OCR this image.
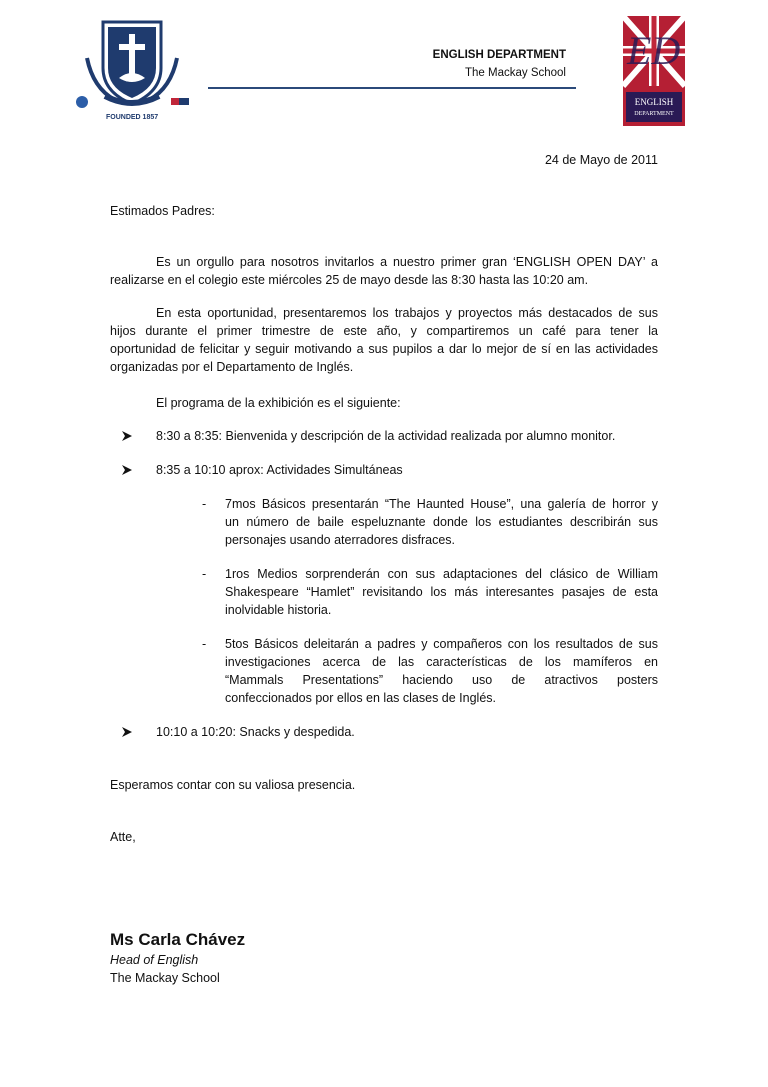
FOUNDED 1857
ENGLISH DEPARTMENT
The Mackay School ED
ENGLISH
DEPARTMENT
24 de Mayo de 2011
Estimados Padres:
Es un orgullo para nosotros invitarlos a nuestro primer gran ‘ENGLISH OPEN DAY’ a
realizarse en el colegio este miércoles 25 de mayo desde las 8:30 hasta las 10:20 am.
En esta oportunidad, presentaremos los trabajos y proyectos más destacados de sus
hijos durante el primer trimestre de este año, y compartiremos un café para tener la
oportunidad de felicitar y seguir motivando a sus pupilos a dar lo mejor de sí en las actividades
organizadas por el Departamento de Inglés.
El programa de la exhibición es el siguiente:
8:30 a 8:35: Bienvenida y descripción de la actividad realizada por alumno monitor.
8:35 a 10:10 aprox: Actividades Simultáneas
-	7mos Básicos presentarán “The Haunted House”, una galería de horror y
un número de baile espeluznante donde los estudiantes describirán sus
personajes usando aterradores disfraces.
-	1ros Medios sorprenderán con sus adaptaciones del clásico de William
Shakespeare “Hamlet” revisitando los más interesantes pasajes de esta
inolvidable historia.
-	5tos Básicos deleitarán a padres y compañeros con los resultados de sus
investigaciones acerca de las características de los mamíferos en
“Mammals Presentations” haciendo uso de atractivos posters
confeccionados por ellos en las clases de Inglés.
10:10 a 10:20: Snacks y despedida.
Esperamos contar con su valiosa presencia.
Atte,
Ms Carla Chávez
Head of English
The Mackay School
